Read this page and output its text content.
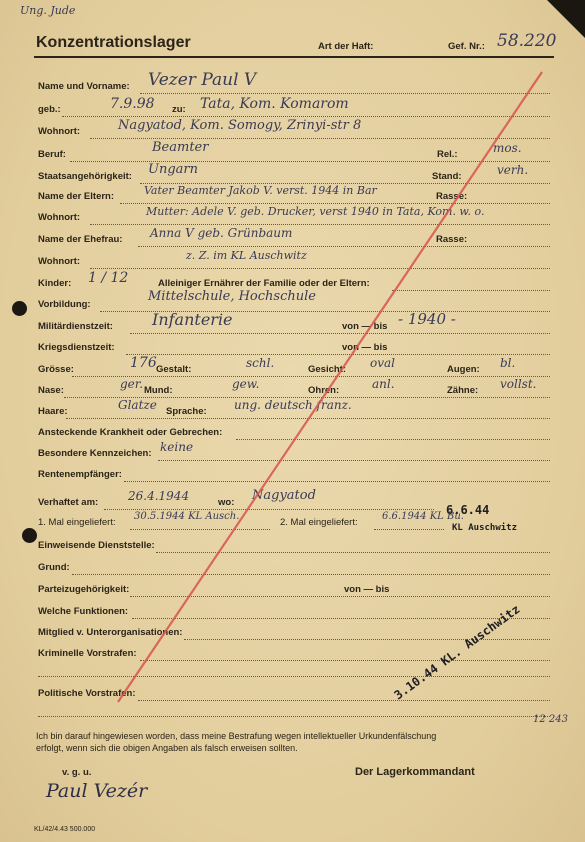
Ung. Jude
Konzentrationslager	Art der Haft:	Gef. Nr.: 58.220
Name und Vorname: Vezer Paul V
geb.:	7.9.98 zu: Tata, Kom. Komarom
Wohnort:	Nagyatod, Kom. Somogy, Zrinyi-str 8
Beruf:	Beamter	Rel.:	mos.
Staatsangehörigkeit: Ungarn	Stand:	verh.
Name der Eltern:	Vater Beamter Jakob V. verst. 1944 in Bar	Rasse:
Wohnort:	Mutter: Adele V. geb. Drucker, verst 1940 in Tata, Kom. w. o.
Name der Ehefrau: Anna V geb. Grünbaum	Rasse:
Wohnort:	z. Z. im KL Auschwitz
Kinder: 1 / 12	Alleiniger Ernährer der Familie oder der Eltern:
Vorbildung:
Mittelschule, Hochschule
Militärdienstzeit: Infanterie	von — bis - 1940 -
Kriegsdienstzeit:	von — bis
Grösse:	176 Gestalt:	schl.	Gesicht: oval	Augen: bl.
Nase:	ger. Mund:	gew.	Ohren:	anl.	Zähne: vollst.
Haare:	Glatze Sprache: ung. deutsch franz.
Ansteckende Krankheit oder Gebrechen:
Besondere Kennzeichen: keine
Rentenempfänger:
Verhaftet am: 26.4.1944	wo: Nagyatod
6.6.44
KL Auschwitz
1. Mal eingeliefert:
30.5.1944 KL Ausch.
2. Mal eingeliefert:
6.6.1944 KL Bu.
Einweisende Dienststelle:
Grund:
Parteizugehörigkeit:	von — bis
Welche Funktionen:
Mitglied v. Unterorganisationen:
Kriminelle Vorstrafen:
Politische Vorstrafen:
12 243
Ich bin darauf hingewiesen worden, dass meine Bestrafung wegen intellektueller Urkundenfälschung
erfolgt, wenn sich die obigen Angaben als falsch erweisen sollten.
v. g. u.	Der Lagerkommandant
Paul Vezér
KL/42/4.43 500.000
3.10.44 KL. Auschwitz
